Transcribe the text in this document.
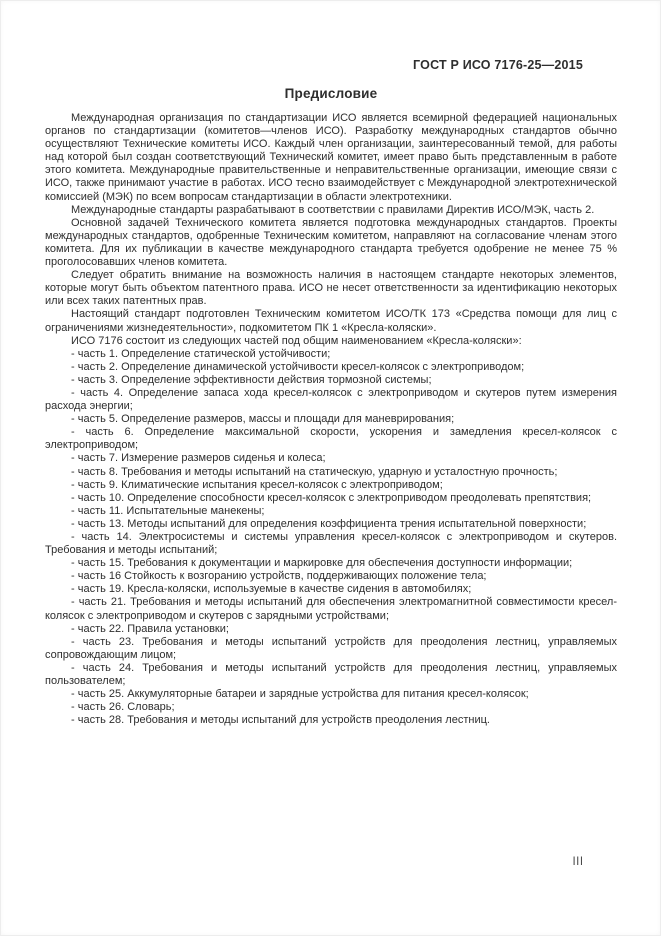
ГОСТ Р ИСО 7176-25—2015
Предисловие

Международная организация по стандартизации ИСО является всемирной федерацией национальных органов по стандартизации (комитетов—членов ИСО). Разработку международных стандартов обычно осуществляют Технические комитеты ИСО. Каждый член организации, заинтересованный темой, для работы над которой был создан соответствующий Технический комитет, имеет право быть представленным в работе этого комитета. Международные правительственные и неправительственные организации, имеющие связи с ИСО, также принимают участие в работах. ИСО тесно взаимодействует с Международной электротехнической комиссией (МЭК) по всем вопросам стандартизации в области электротехники.

Международные стандарты разрабатывают в соответствии с правилами Директив ИСО/МЭК, часть 2.

Основной задачей Технического комитета является подготовка международных стандартов. Проекты международных стандартов, одобренные Техническим комитетом, направляют на согласование членам этого комитета. Для их публикации в качестве международного стандарта требуется одобрение не менее 75 % проголосовавших членов комитета.

Следует обратить внимание на возможность наличия в настоящем стандарте некоторых элементов, которые могут быть объектом патентного права. ИСО не несет ответственности за идентификацию некоторых или всех таких патентных прав.

Настоящий стандарт подготовлен Техническим комитетом ИСО/ТК 173 «Средства помощи для лиц с ограничениями жизнедеятельности», подкомитетом ПК 1 «Кресла-коляски».

ИСО 7176 состоит из следующих частей под общим наименованием «Кресла-коляски»:

- часть 1. Определение статической устойчивости;

- часть 2. Определение динамической устойчивости кресел-колясок с электроприводом;

- часть 3. Определение эффективности действия тормозной системы;

- часть 4. Определение запаса хода кресел-колясок с электроприводом и скутеров путем измерения расхода энергии;

- часть 5. Определение размеров, массы и площади для маневрирования;

- часть 6. Определение максимальной скорости, ускорения и замедления кресел-колясок с электроприводом;

- часть 7. Измерение размеров сиденья и колеса;

- часть 8. Требования и методы испытаний на статическую, ударную и усталостную прочность;

- часть 9. Климатические испытания кресел-колясок с электроприводом;

- часть 10. Определение способности кресел-колясок с электроприводом преодолевать препятствия;

- часть 11. Испытательные манекены;

- часть 13. Методы испытаний для определения коэффициента трения испытательной поверхности;

- часть 14. Электросистемы и системы управления кресел-колясок с электроприводом и скутеров. Требования и методы испытаний;

- часть 15. Требования к документации и маркировке для обеспечения доступности информации;

- часть 16 Стойкость к возгоранию устройств, поддерживающих положение тела;

- часть 19. Кресла-коляски, используемые в качестве сидения в автомобилях;

- часть 21. Требования и методы испытаний для обеспечения электромагнитной совместимости кресел-колясок с электроприводом и скутеров с зарядными устройствами;

- часть 22. Правила установки;

- часть 23. Требования и методы испытаний устройств для преодоления лестниц, управляемых сопровождающим лицом;

- часть 24. Требования и методы испытаний устройств для преодоления лестниц, управляемых пользователем;

- часть 25. Аккумуляторные батареи и зарядные устройства для питания кресел-колясок;

- часть 26. Словарь;

- часть 28. Требования и методы испытаний для устройств преодоления лестниц.

III
